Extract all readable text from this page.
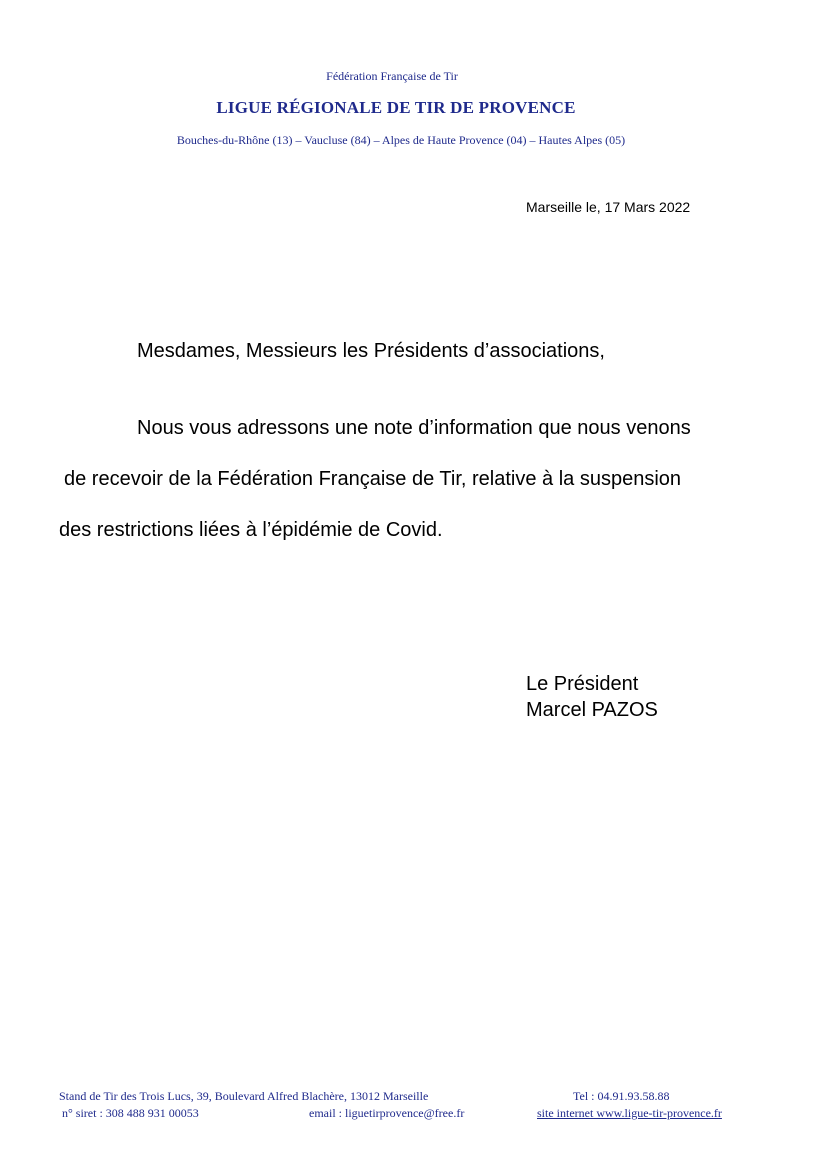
Fédération Française de Tir
LIGUE RÉGIONALE DE TIR DE PROVENCE
Bouches-du-Rhône (13) – Vaucluse (84) – Alpes de Haute Provence (04) – Hautes Alpes (05)
Marseille le, 17 Mars 2022
Mesdames, Messieurs les Présidents d’associations,
Nous vous adressons une note d’information que nous venons
de recevoir de la Fédération Française de Tir, relative à la suspension
des restrictions liées à l’épidémie de Covid.
Le Président
Marcel PAZOS
Stand de Tir des Trois Lucs, 39, Boulevard Alfred Blachère, 13012 Marseille	Tel : 04.91.93.58.88
n° siret : 308 488 931 00053	email : liguetirprovence@free.fr	site internet www.ligue-tir-provence.fr
